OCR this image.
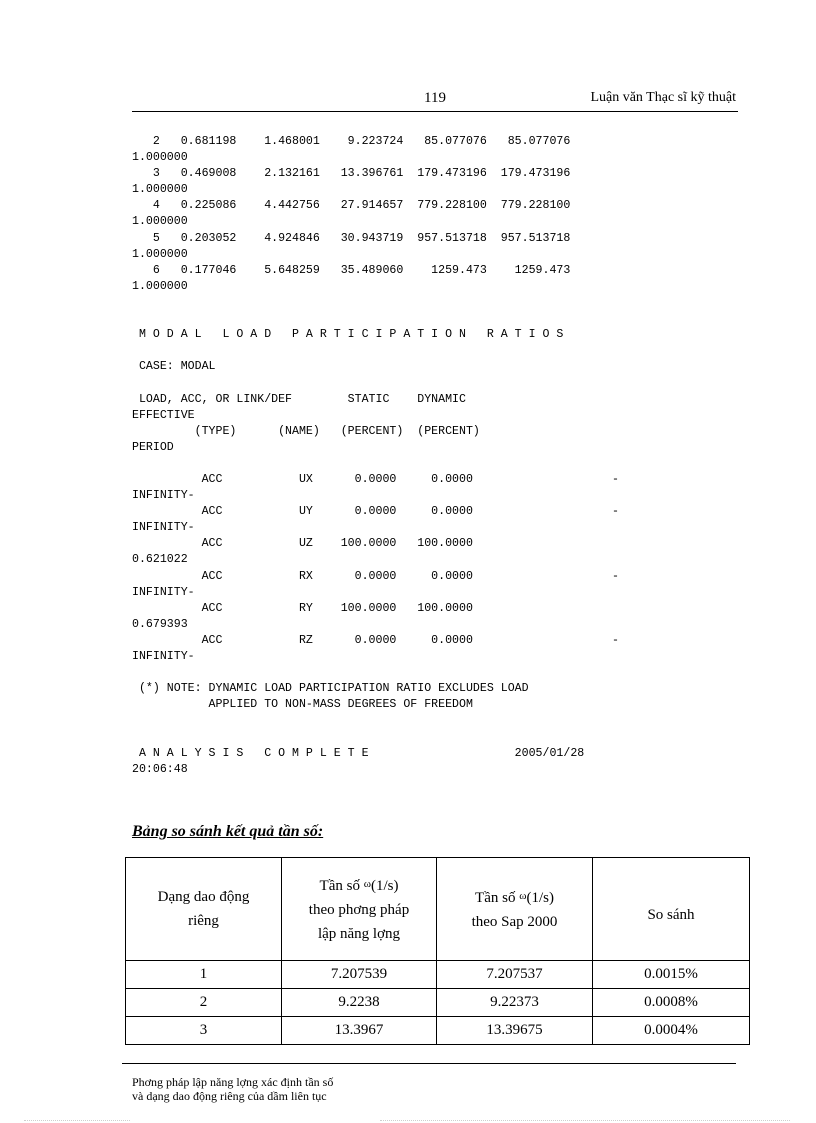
119	Luận văn Thạc sĩ kỹ thuật
2   0.681198    1.468001    9.223724   85.077076   85.077076
1.000000
3   0.469008    2.132161   13.396761  179.473196  179.473196
1.000000
4   0.225086    4.442756   27.914657  779.228100  779.228100
1.000000
5   0.203052    4.924846   30.943719  957.513718  957.513718
1.000000
6   0.177046    5.648259   35.489060    1259.473    1259.473
1.000000

M O D A L   L O A D   P A R T I C I P A T I O N   R A T I O S

CASE: MODAL

LOAD, ACC, OR LINK/DEF        STATIC    DYNAMIC
EFFECTIVE
(TYPE)      (NAME)   (PERCENT)  (PERCENT)
PERIOD

ACC           UX      0.0000     0.0000                    -
INFINITY-
ACC           UY      0.0000     0.0000                    -
INFINITY-
ACC           UZ    100.0000   100.0000
0.621022
ACC           RX      0.0000     0.0000                    -
INFINITY-
ACC           RY    100.0000   100.0000
0.679393
ACC           RZ      0.0000     0.0000                    -
INFINITY-

(*) NOTE: DYNAMIC LOAD PARTICIPATION RATIO EXCLUDES LOAD
APPLIED TO NON-MASS DEGREES OF FREEDOM

A N A L Y S I S   C O M P L E T E                     2005/01/28
20:06:48

Bảng so sánh kết quả tần số:
Dạng dao động
riêng	Tần số $^\omega$(1/s)
theo phơng pháp
lập năng lợng	Tần số $^\omega$(1/s)
theo Sap 2000	So sánh
1	7.207539	7.207537	0.0015%
2	9.2238	9.22373	0.0008%
3	13.3967	13.39675	0.0004%
Phơng pháp lập năng lợng xác định tần số
và dạng dao động riêng của dầm liên tục
